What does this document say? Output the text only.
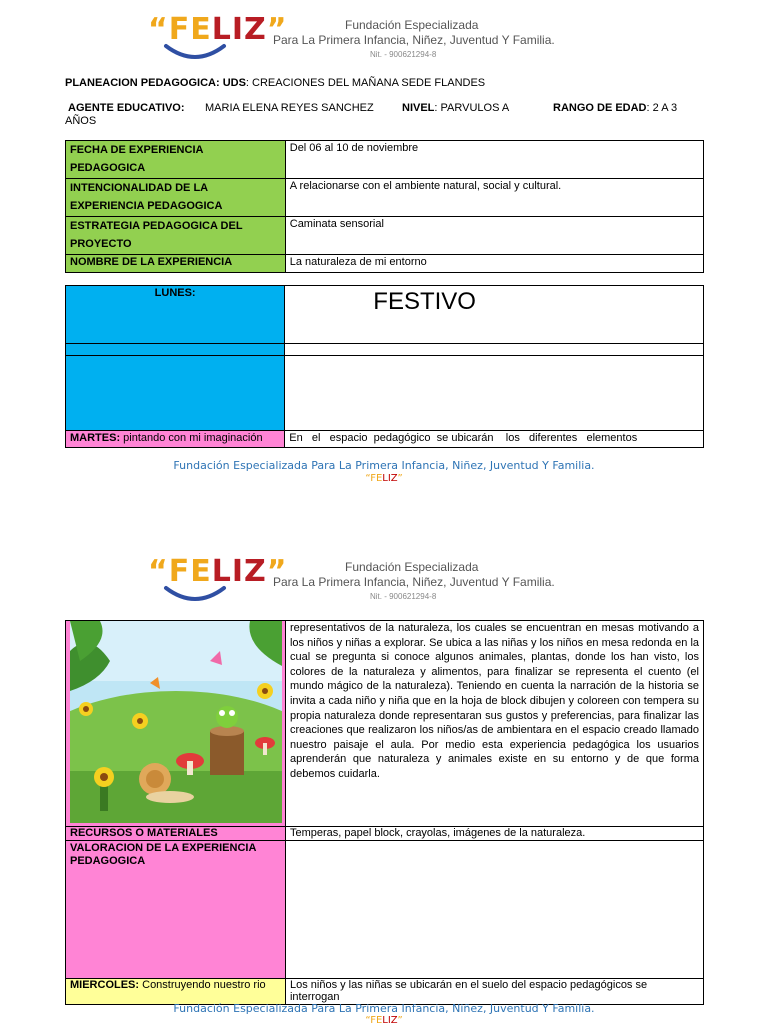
“FELIZ”	Fundación Especializada
Para La Primera Infancia, Niñez, Juventud Y Familia.
Nit. - 900621294-8
PLANEACION PEDAGOGICA: UDS: CREACIONES DEL MAÑANA SEDE FLANDES
AGENTE EDUCATIVO: MARIA ELENA REYES SANCHEZ	NIVEL: PARVULOS A	RANGO DE EDAD: 2 A 3
AÑOS
FECHA DE EXPERIENCIA PEDAGOGICA	Del 06 al 10 de noviembre
INTENCIONALIDAD DE LA EXPERIENCIA PEDAGOGICA	A relacionarse con el ambiente natural, social y cultural.
ESTRATEGIA PEDAGOGICA DEL PROYECTO	Caminata sensorial
NOMBRE DE LA EXPERIENCIA	La naturaleza de mi entorno
LUNES:	FESTIVO

MARTES: pintando con mi imaginación	En   el   espacio  pedagógico  se ubicarán    los   diferentes   elementos
Fundación Especializada Para La Primera Infancia, Niñez, Juventud Y Familia.
“FELIZ”
“FELIZ”	Fundación Especializada
Para La Primera Infancia, Niñez, Juventud Y Familia.
Nit. - 900621294-8
	representativos de la naturaleza, los cuales se encuentran en mesas motivando a los niños y niñas a explorar. Se ubica a las niñas y los niños en mesa redonda en la cual se pregunta si conoce algunos animales, plantas, donde los han visto, los colores de la naturaleza y alimentos, para finalizar se representa el cuento (el mundo mágico de la naturaleza). Teniendo en cuenta la narración de la historia se invita a cada niño y niña que en la hoja de block dibujen y coloreen con tempera su propia naturaleza donde representaran sus gustos y preferencias, para finalizar las creaciones que realizaron los niños/as de ambientara en el espacio creado llamado nuestro paisaje el aula. Por medio esta experiencia pedagógica los usuarios aprenderán que naturaleza y animales existe en su entorno y de que forma debemos cuidarla.
RECURSOS O MATERIALES	Temperas, papel block, crayolas, imágenes de la naturaleza.
VALORACION DE LA EXPERIENCIA PEDAGOGICA	
MIERCOLES: Construyendo nuestro rio	Los niños y las niñas se ubicarán en el suelo del espacio pedagógicos se interrogan
Fundación Especializada Para La Primera Infancia, Niñez, Juventud Y Familia.
“FELIZ”
